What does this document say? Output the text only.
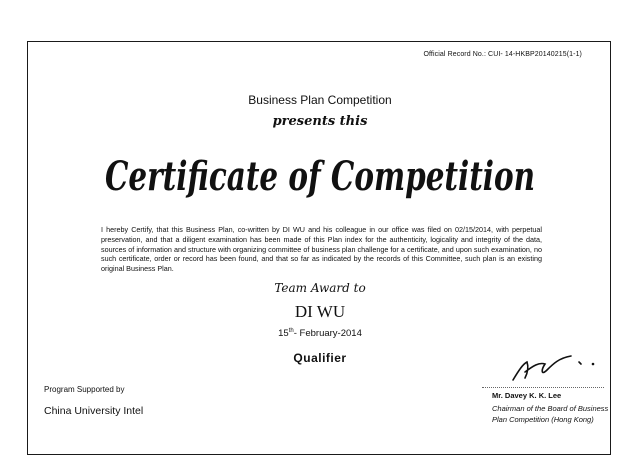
Official Record No.: CUI- 14-HKBP20140215(1-1)
Business Plan Competition
presents this
Certificate of Competition
I hereby Certify, that this Business Plan, co-written by DI WU and his colleague in our office was filed on 02/15/2014, with perpetual preservation, and that a diligent examination has been made of this Plan index for the authenticity, logicality and integrity of the data, sources of information and structure with organizing committee of business plan challenge for a certificate, and upon such examination, no such certificate, order or record has been found, and that so far as indicated by the records of this Committee, such plan is an existing original Business Plan.
Team Award to
DI WU
15th- February-2014
Qualifier
Program Supported by
China University Intel
Mr. Davey K. K. Lee
Chairman of the Board of Business Plan Competition (Hong Kong)
